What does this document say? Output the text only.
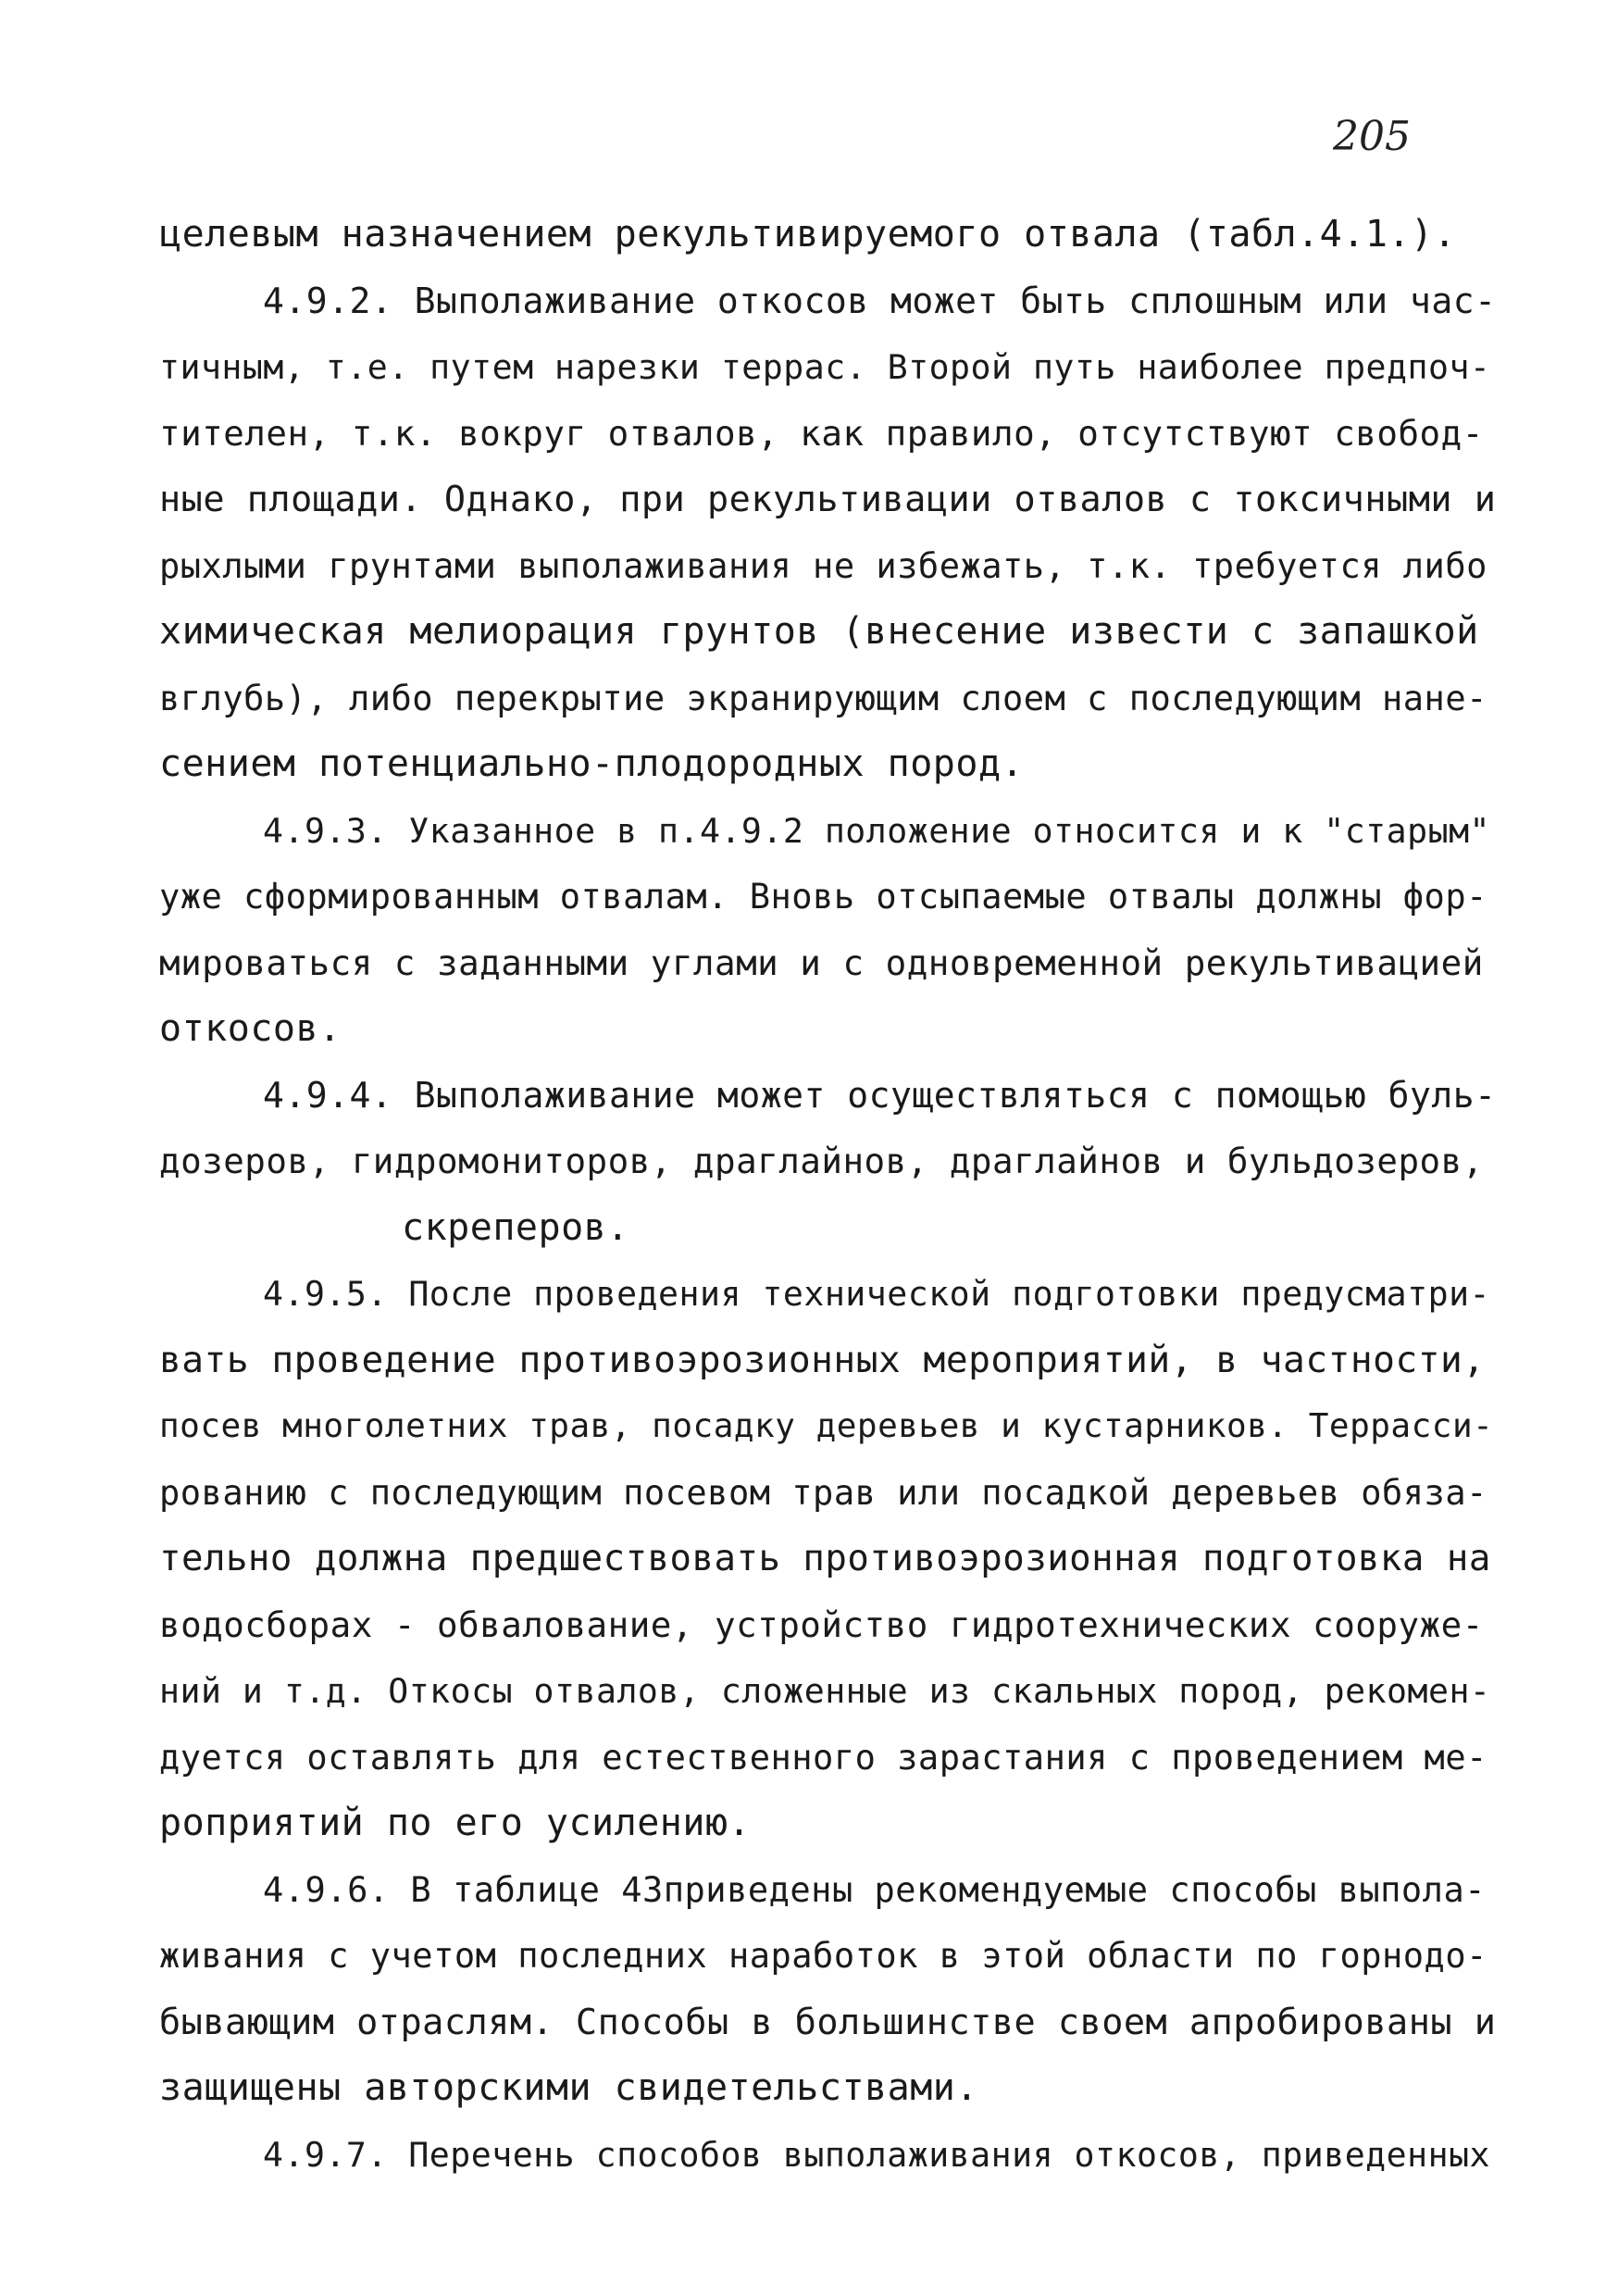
205
целевым назначением рекультивируемого отвала (табл.4.1.).
4.9.2. Выполаживание откосов может быть сплошным или час-
тичным, т.е. путем нарезки террас. Второй путь наиболее предпоч-
тителен, т.к. вокруг отвалов, как правило, отсутствуют свобод-
ные площади. Однако, при рекультивации отвалов с токсичными и
рыхлыми грунтами выполаживания не избежать, т.к. требуется либо
химическая мелиорация грунтов (внесение извести с запашкой
вглубь), либо перекрытие экранирующим слоем с последующим нане-
сением потенциально-плодородных пород.
4.9.3. Указанное в п.4.9.2 положение относится и к "старым"
уже сформированным отвалам. Вновь отсыпаемые отвалы должны фор-
мироваться с заданными углами и с одновременной рекультивацией
откосов.
4.9.4. Выполаживание может осуществляться с помощью буль-
дозеров, гидромониторов, драглайнов, драглайнов и бульдозеров,
скреперов.
4.9.5. После проведения технической подготовки предусматри-
вать проведение противоэрозионных мероприятий, в частности,
посев многолетних трав, посадку деревьев и кустарников. Террасси-
рованию с последующим посевом трав или посадкой деревьев обяза-
тельно должна предшествовать противоэрозионная подготовка на
водосборах - обвалование, устройство гидротехнических сооруже-
ний и т.д. Откосы отвалов, сложенные из скальных пород, рекомен-
дуется оставлять для естественного зарастания с проведением ме-
роприятий по его усилению.
4.9.6. В таблице 43приведены рекомендуемые способы выпола-
живания с учетом последних наработок в этой области по горнодо-
бывающим отраслям. Способы в большинстве своем апробированы и
защищены авторскими свидетельствами.
4.9.7. Перечень способов выполаживания откосов, приведенных
